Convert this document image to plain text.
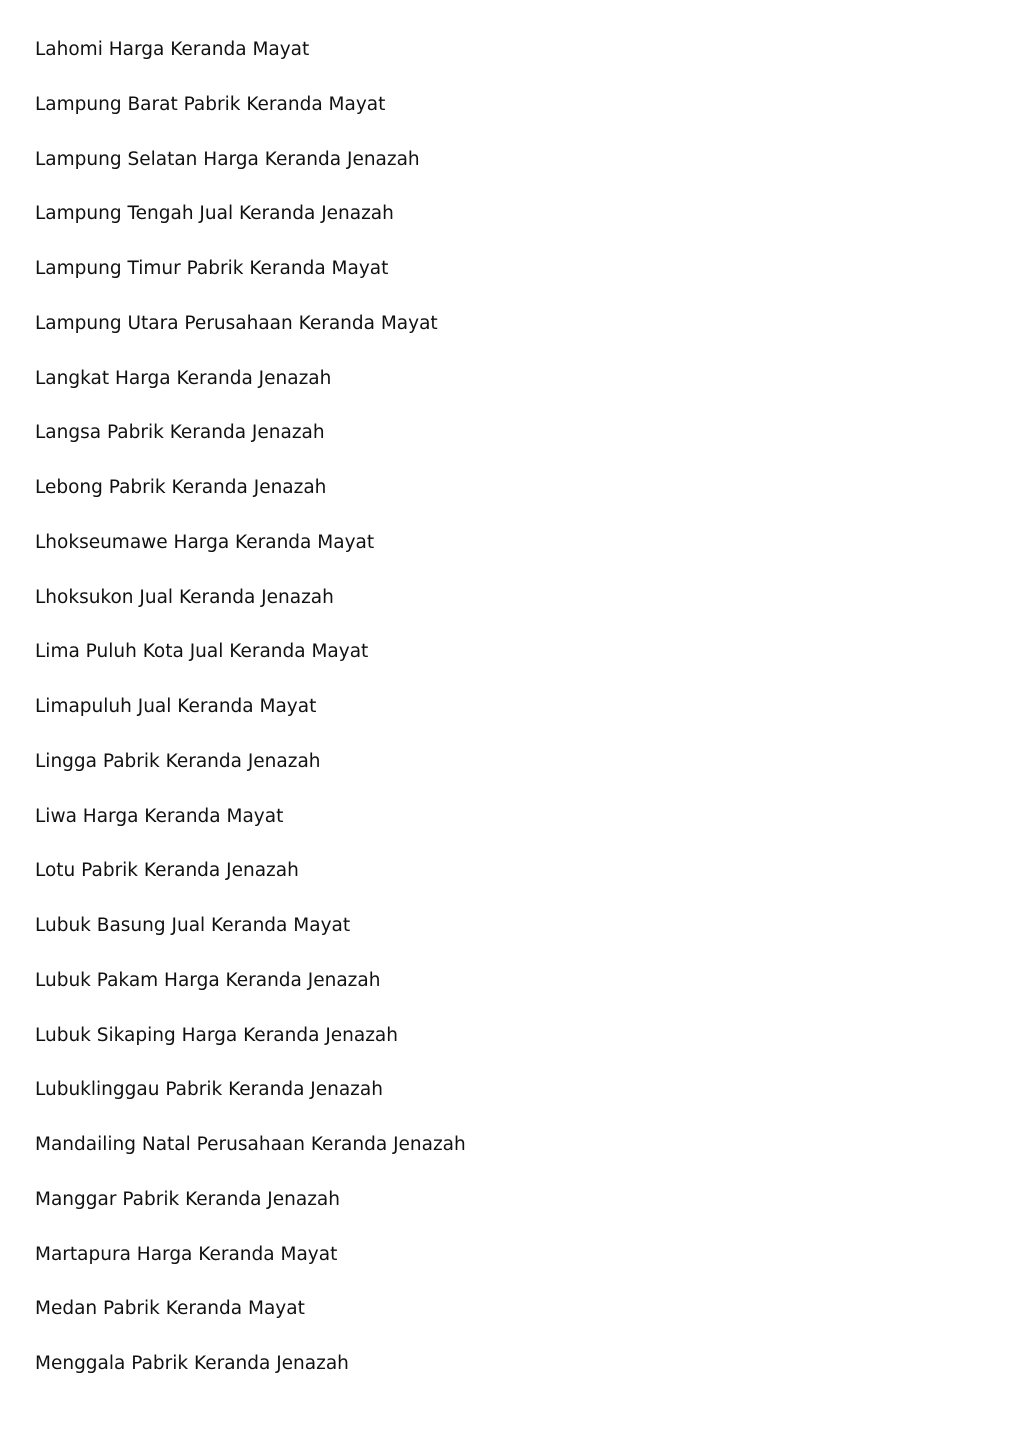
Lahomi Harga Keranda Mayat
Lampung Barat Pabrik Keranda Mayat
Lampung Selatan Harga Keranda Jenazah
Lampung Tengah Jual Keranda Jenazah
Lampung Timur Pabrik Keranda Mayat
Lampung Utara Perusahaan Keranda Mayat
Langkat Harga Keranda Jenazah
Langsa Pabrik Keranda Jenazah
Lebong Pabrik Keranda Jenazah
Lhokseumawe Harga Keranda Mayat
Lhoksukon Jual Keranda Jenazah
Lima Puluh Kota Jual Keranda Mayat
Limapuluh Jual Keranda Mayat
Lingga Pabrik Keranda Jenazah
Liwa Harga Keranda Mayat
Lotu Pabrik Keranda Jenazah
Lubuk Basung Jual Keranda Mayat
Lubuk Pakam Harga Keranda Jenazah
Lubuk Sikaping Harga Keranda Jenazah
Lubuklinggau Pabrik Keranda Jenazah
Mandailing Natal Perusahaan Keranda Jenazah
Manggar Pabrik Keranda Jenazah
Martapura Harga Keranda Mayat
Medan Pabrik Keranda Mayat
Menggala Pabrik Keranda Jenazah
